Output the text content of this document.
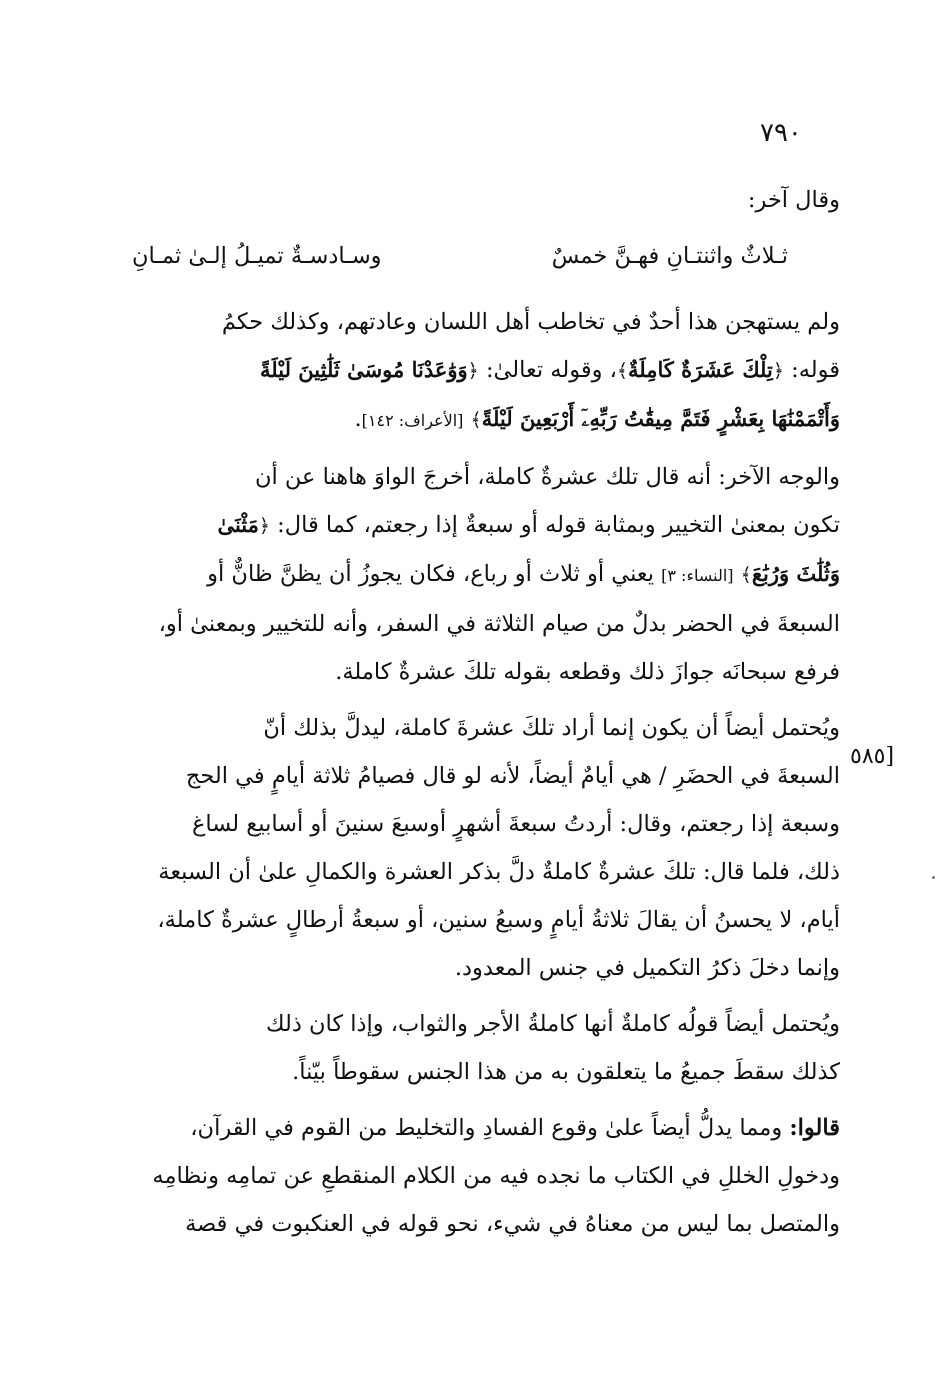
٧٩٠
[٥٨٥
وقال آخر:
ثـلاثٌ واثنتـانِ فهـنَّ خمسٌ
وسـادسـةٌ تميـلُ إلـىٰ ثمـانِ
ولم يستهجن هذا أحدٌ في تخاطب أهل اللسان وعادتهم، وكذلك حكمُ
قوله: ﴿تِلْكَ عَشَرَةٌ كَامِلَةٌ﴾، وقوله تعالىٰ: ﴿وَوَٰعَدْنَا مُوسَىٰ ثَلَٰثِينَ لَيْلَةً
وَأَتْمَمْنَٰهَا بِعَشْرٍ فَتَمَّ مِيقَٰتُ رَبِّهِۦٓ أَرْبَعِينَ لَيْلَةً﴾ [الأعراف: ١٤٢].
والوجه الآخر: أنه قال تلك عشرةٌ كاملة، أخرجَ الواوَ هاهنا عن أن
تكون بمعنىٰ التخيير وبمثابة قوله أو سبعةٌ إذا رجعتم، كما قال: ﴿مَثْنَىٰ
وَثُلَٰثَ وَرُبَٰعَ﴾ [النساء: ٣] يعني أو ثلاث أو رباع، فكان يجوزُ أن يظنَّ ظانٌّ أو
السبعةَ في الحضر بدلٌ من صيام الثلاثة في السفر، وأنه للتخيير وبمعنىٰ أو،
فرفع سبحانَه جوازَ ذلك وقطعه بقوله تلكَ عشرةٌ كاملة.
ويُحتمل أيضاً أن يكون إنما أراد تلكَ عشرةَ كاملة، ليدلَّ بذلك أنّ
السبعةَ في الحضَرِ / هي أيامٌ أيضاً، لأنه لو قال فصيامُ ثلاثة أيامٍ في الحج
وسبعة إذا رجعتم، وقال: أردتُ سبعةَ أشهرٍ أوسبعَ سنينَ أو أسابيع لساغ
ذلك، فلما قال: تلكَ عشرةٌ كاملةٌ دلَّ بذكر العشرة والكمالِ علىٰ أن السبعة
أيام، لا يحسنُ أن يقالَ ثلاثةُ أيامٍ وسبعُ سنين، أو سبعةُ أرطالٍ عشرةٌ كاملة،
وإنما دخلَ ذكرُ التكميل في جنس المعدود.
ويُحتمل أيضاً قولُه كاملةٌ أنها كاملةُ الأجر والثواب، وإذا كان ذلك
كذلك سقطَ جميعُ ما يتعلقون به من هذا الجنس سقوطاً بيّناً.
قالوا: ومما يدلُّ أيضاً علىٰ وقوع الفسادِ والتخليط من القوم في القرآن،
ودخولِ الخللِ في الكتاب ما نجده فيه من الكلام المنقطعِ عن تمامِه ونظامِه
والمتصل بما ليس من معناهُ في شيء، نحو قوله في العنكبوت في قصة
